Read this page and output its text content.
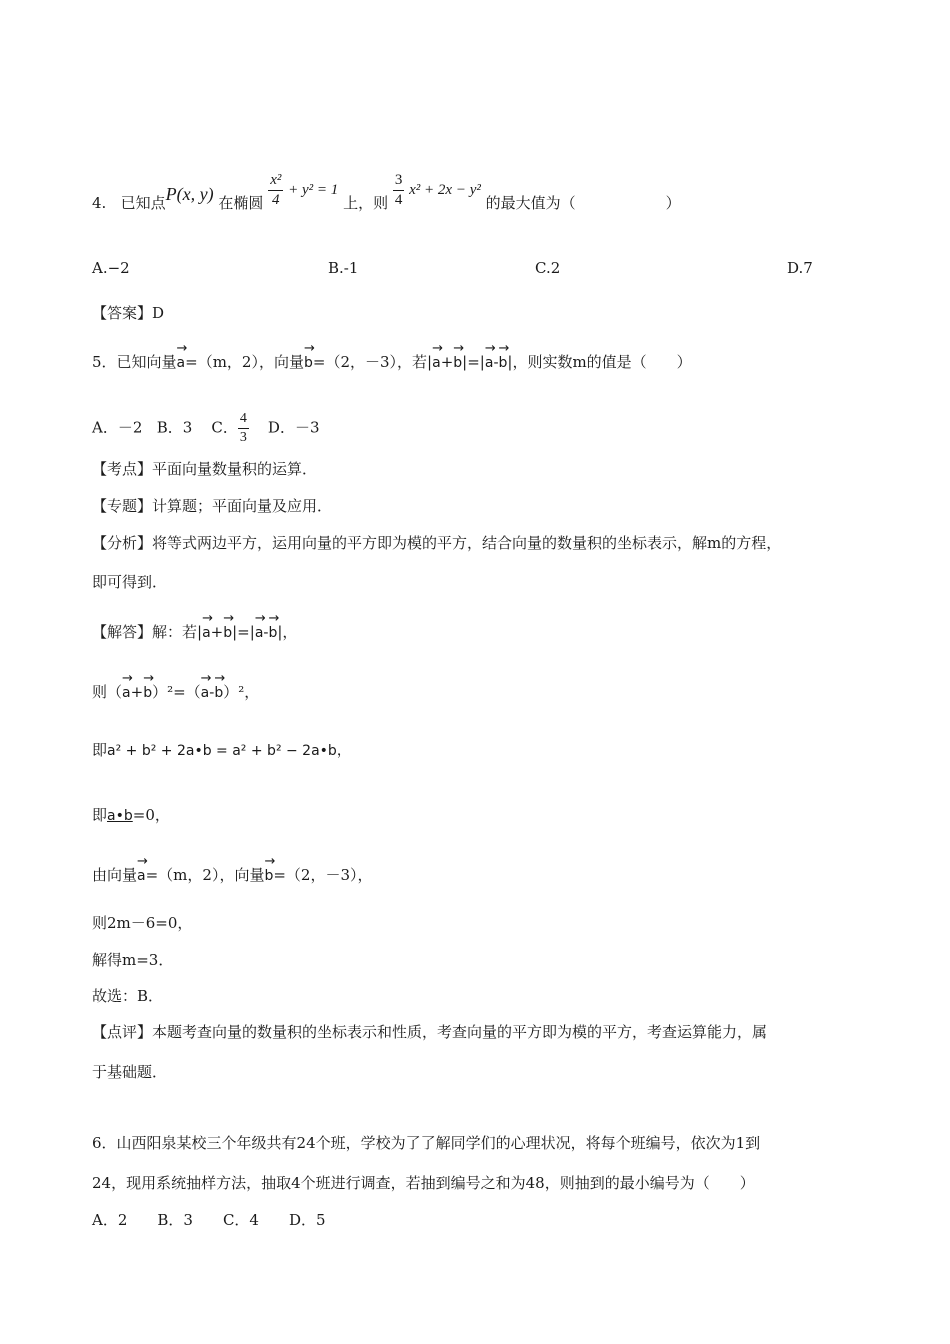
4. 已知点P(x, y) 在椭圆 $\frac{\text{x²}}{4} + y^2 = 1$ 上，则 $\frac{3}{4} x^2 + 2x - y^2$ 的最大值为（　　　　　　）
A.−2	B.-1	C.2	D.7
【答案】D
5．已知向量→ a=（m，2），向量→ b=（2，－3），若|→ a+→ b|=|→ a-→ b|，则实数m的值是（　　）
A．－2 B．3 C． $\frac{4}{3}$ D．－3
【考点】平面向量数量积的运算．
【专题】计算题；平面向量及应用．
【分析】将等式两边平方，运用向量的平方即为模的平方，结合向量的数量积的坐标表示，解m的方程，
即可得到．
【解答】解：若|→ a+→ b|=|→ a-→ b|，
则（→ a+→ b）²=（→ a-→ b）²，
即a² + b² + 2a•b = a² + b² − 2a•b，
即a•b=0，
由向量→ a=（m，2），向量→ b=（2，－3），
则2m－6=0，
解得m=3．
故选：B．
【点评】本题考查向量的数量积的坐标表示和性质，考查向量的平方即为模的平方，考查运算能力，属
于基础题．
6．山西阳泉某校三个年级共有24个班，学校为了了解同学们的心理状况，将每个班编号，依次为1到
24，现用系统抽样方法，抽取4个班进行调查，若抽到编号之和为48，则抽到的最小编号为（　　）
A．2　　B．3　　C．4　　D．5
